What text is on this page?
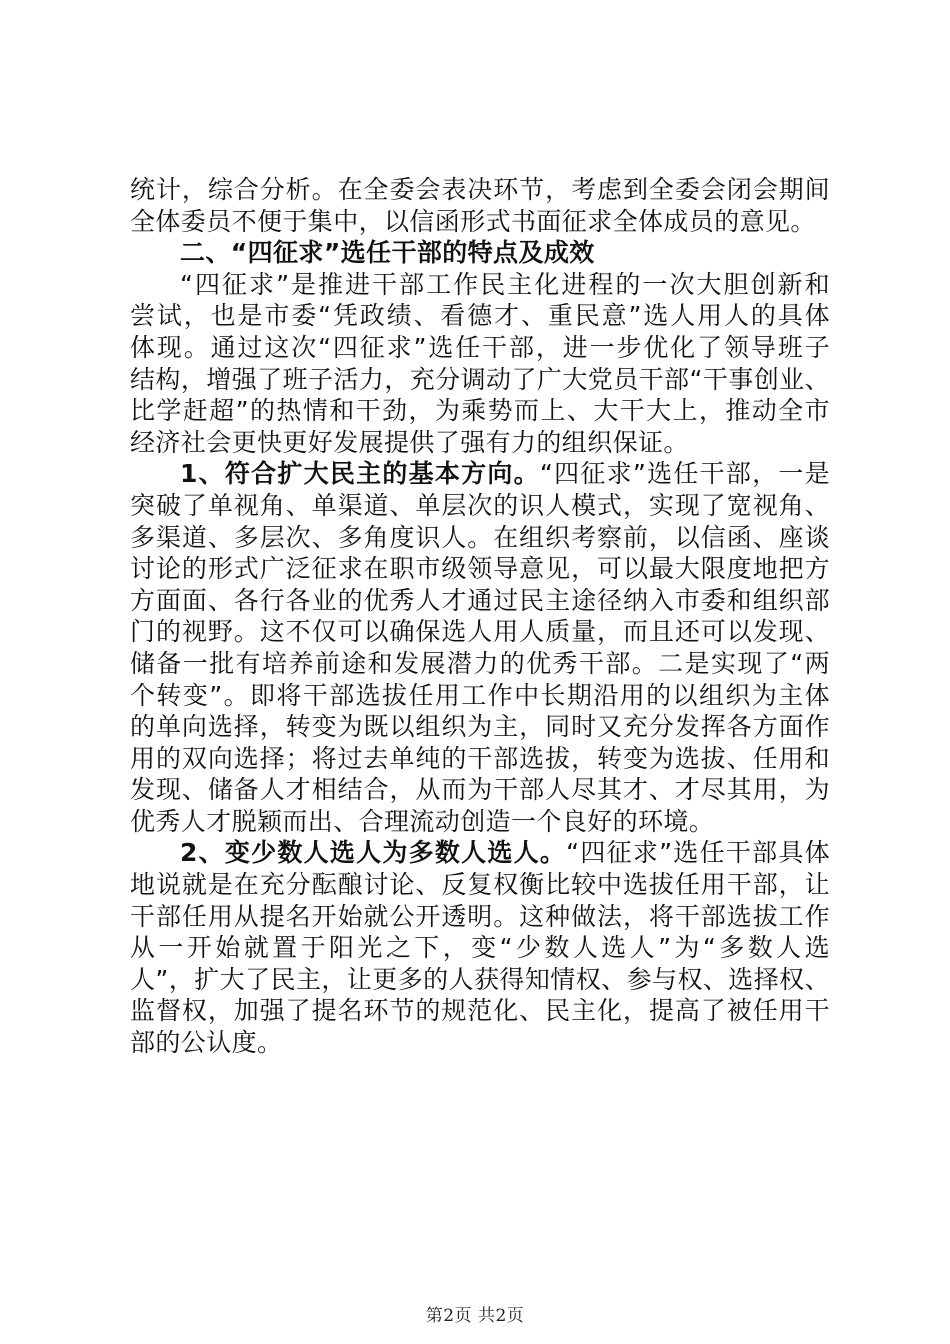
统计，综合分析。在全委会表决环节，考虑到全委会闭会期间
全体委员不便于集中，以信函形式书面征求全体成员的意见。
二、“四征求”选任干部的特点及成效
“四征求”是推进干部工作民主化进程的一次大胆创新和
尝试，也是市委“凭政绩、看德才、重民意”选人用人的具体
体现。通过这次“四征求”选任干部，进一步优化了领导班子
结构，增强了班子活力，充分调动了广大党员干部“干事创业、
比学赶超”的热情和干劲，为乘势而上、大干大上，推动全市
经济社会更快更好发展提供了强有力的组织保证。
1、符合扩大民主的基本方向。“四征求”选任干部，一是
突破了单视角、单渠道、单层次的识人模式，实现了宽视角、
多渠道、多层次、多角度识人。在组织考察前，以信函、座谈
讨论的形式广泛征求在职市级领导意见，可以最大限度地把方
方面面、各行各业的优秀人才通过民主途径纳入市委和组织部
门的视野。这不仅可以确保选人用人质量，而且还可以发现、
储备一批有培养前途和发展潜力的优秀干部。二是实现了“两
个转变”。即将干部选拔任用工作中长期沿用的以组织为主体
的单向选择，转变为既以组织为主，同时又充分发挥各方面作
用的双向选择；将过去单纯的干部选拔，转变为选拔、任用和
发现、储备人才相结合，从而为干部人尽其才、才尽其用，为
优秀人才脱颖而出、合理流动创造一个良好的环境。
2、变少数人选人为多数人选人。“四征求”选任干部具体
地说就是在充分酝酿讨论、反复权衡比较中选拔任用干部，让
干部任用从提名开始就公开透明。这种做法，将干部选拔工作
从一开始就置于阳光之下，变“少数人选人”为“多数人选
人”，扩大了民主，让更多的人获得知情权、参与权、选择权、
监督权，加强了提名环节的规范化、民主化，提高了被任用干
部的公认度。
第2页 共2页
